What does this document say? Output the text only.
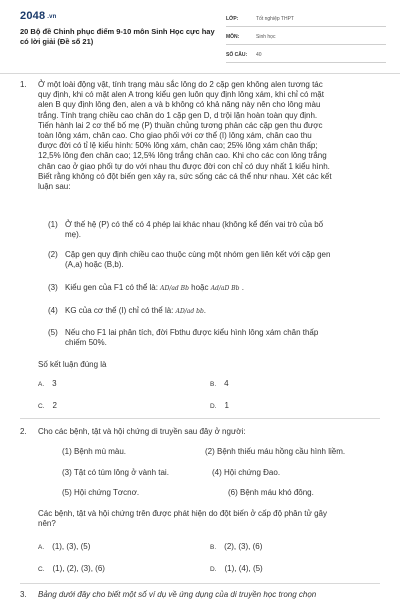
2048 .vn
20 Bộ đề Chinh phục điểm 9-10 môn Sinh Học cực hay có lời giải (Đề số 21)
LỚP:	Tốt nghiệp THPT
MÔN:	Sinh học
SỐ CÂU:	40
1. Ở một loài động vật, tính trạng màu sắc lông do 2 cặp gen không alen tương tác
quy định, khi có mặt alen A trong kiểu gen luôn quy định lông xám, khi chỉ có mặt
alen B quy định lông đen, alen a và b không có khả năng này nên cho lông màu
trắng. Tính trạng chiều cao chân do 1 cặp gen D, d trội lặn hoàn toàn quy định.
Tiến hành lai 2 cơ thể bố mẹ (P) thuần chủng tương phản các cặp gen thu được
toàn lông xám, chân cao. Cho giao phối với cơ thể (I) lông xám, chân cao thu
được đời có tỉ lệ kiểu hình: 50% lông xám, chân cao; 25% lông xám chân thấp;
12,5% lông đen chân cao; 12,5% lông trắng chân cao. Khi cho các con lông trắng
chân cao ở giao phối tự do với nhau thu được đời con chỉ có duy nhất 1 kiểu hình.
Biết rằng không có đột biến gen xảy ra, sức sống các cá thể như nhau. Xét các kết
luận sau:
(1) Ở thế hệ (P) có thể có 4 phép lai khác nhau (không kể đến vai trò của bố
mẹ).
(2) Cặp gen quy định chiều cao thuộc cùng một nhóm gen liên kết với cặp gen
(A,a) hoặc (B,b).
(3) Kiểu gen của F1 có thể là: AD/ad Bb hoặc Ad/aD Bb .
(4) KG của cơ thể (I) chỉ có thể là: AD/ad bb.
(5) Nếu cho F1 lai phân tích, đời Fbthu được kiểu hình lông xám chân thấp
chiếm 50%.
Số kết luận đúng là
A. 3	B. 4
C. 2	D. 1
2. Cho các bệnh, tật và hội chứng di truyền sau đây ở người:
(1) Bệnh mù màu.	(2) Bệnh thiếu máu hồng cầu hình liềm.
(3) Tật có túm lông ở vành tai.	(4) Hội chứng Đao.
(5) Hội chứng Tơcnơ.	(6) Bệnh máu khó đông.
Các bệnh, tật và hội chứng trên được phát hiện do đột biến ở cấp độ phân tử gây
nên?
A. (1), (3), (5)	B. (2), (3), (6)
C. (1), (2), (3), (6)	D. (1), (4), (5)
3. Bảng dưới đây cho biết một số ví dụ về ứng dụng của di truyền học trong chọn
